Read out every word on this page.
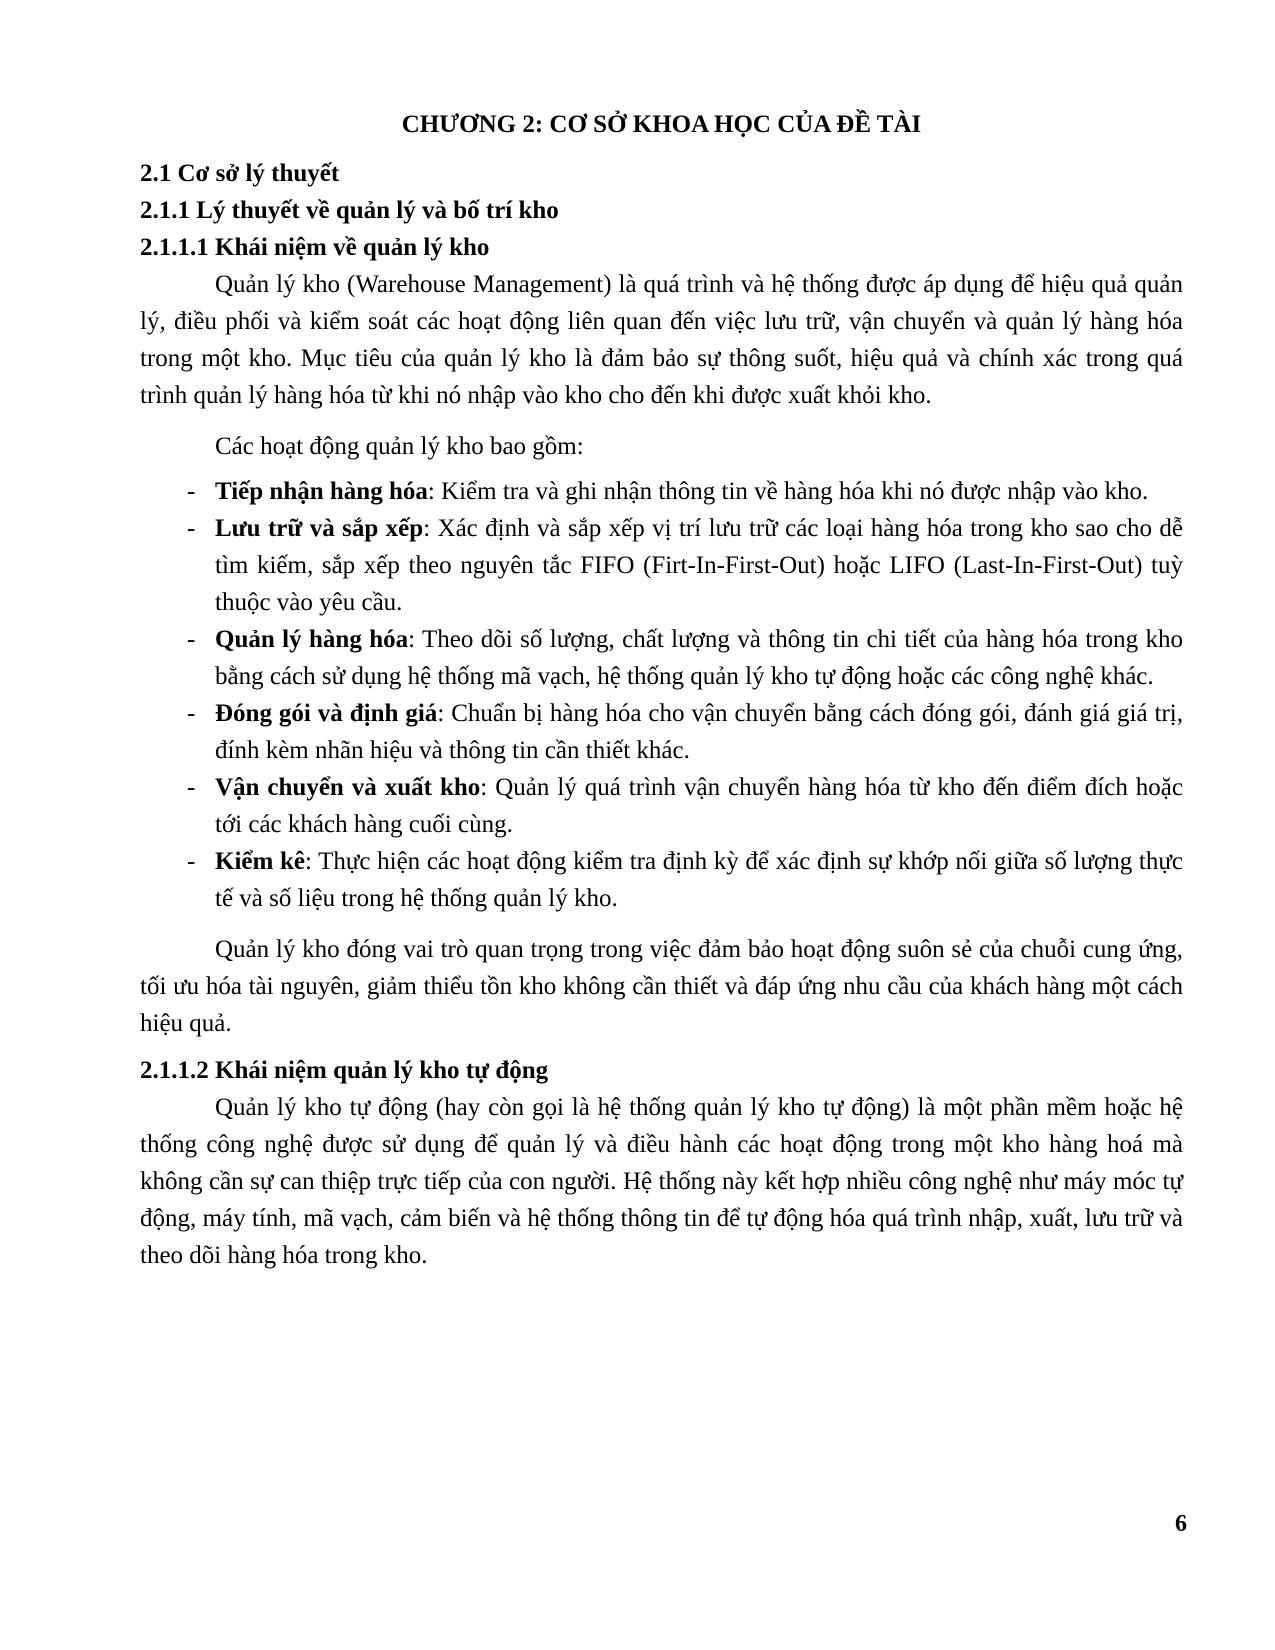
CHƯƠNG 2: CƠ SỞ KHOA HỌC CỦA ĐỀ TÀI
2.1 Cơ sở lý thuyết
2.1.1 Lý thuyết về quản lý và bố trí kho
2.1.1.1 Khái niệm về quản lý kho

Quản lý kho (Warehouse Management) là quá trình và hệ thống được áp dụng để hiệu quả quản lý, điều phối và kiểm soát các hoạt động liên quan đến việc lưu trữ, vận chuyển và quản lý hàng hóa trong một kho. Mục tiêu của quản lý kho là đảm bảo sự thông suốt, hiệu quả và chính xác trong quá trình quản lý hàng hóa từ khi nó nhập vào kho cho đến khi được xuất khỏi kho.

Các hoạt động quản lý kho bao gồm:

- Tiếp nhận hàng hóa: Kiểm tra và ghi nhận thông tin về hàng hóa khi nó được nhập vào kho.
- Lưu trữ và sắp xếp: Xác định và sắp xếp vị trí lưu trữ các loại hàng hóa trong kho sao cho dễ tìm kiếm, sắp xếp theo nguyên tắc FIFO (Firt-In-First-Out) hoặc LIFO (Last-In-First-Out) tuỳ thuộc vào yêu cầu.
- Quản lý hàng hóa: Theo dõi số lượng, chất lượng và thông tin chi tiết của hàng hóa trong kho bằng cách sử dụng hệ thống mã vạch, hệ thống quản lý kho tự động hoặc các công nghệ khác.
- Đóng gói và định giá: Chuẩn bị hàng hóa cho vận chuyển bằng cách đóng gói, đánh giá giá trị, đính kèm nhãn hiệu và thông tin cần thiết khác.
- Vận chuyển và xuất kho: Quản lý quá trình vận chuyển hàng hóa từ kho đến điểm đích hoặc tới các khách hàng cuối cùng.
- Kiểm kê: Thực hiện các hoạt động kiểm tra định kỳ để xác định sự khớp nối giữa số lượng thực tế và số liệu trong hệ thống quản lý kho.

Quản lý kho đóng vai trò quan trọng trong việc đảm bảo hoạt động suôn sẻ của chuỗi cung ứng, tối ưu hóa tài nguyên, giảm thiểu tồn kho không cần thiết và đáp ứng nhu cầu của khách hàng một cách hiệu quả.

2.1.1.2 Khái niệm quản lý kho tự động

Quản lý kho tự động (hay còn gọi là hệ thống quản lý kho tự động) là một phần mềm hoặc hệ thống công nghệ được sử dụng để quản lý và điều hành các hoạt động trong một kho hàng hoá mà không cần sự can thiệp trực tiếp của con người. Hệ thống này kết hợp nhiều công nghệ như máy móc tự động, máy tính, mã vạch, cảm biến và hệ thống thông tin để tự động hóa quá trình nhập, xuất, lưu trữ và theo dõi hàng hóa trong kho.

6
